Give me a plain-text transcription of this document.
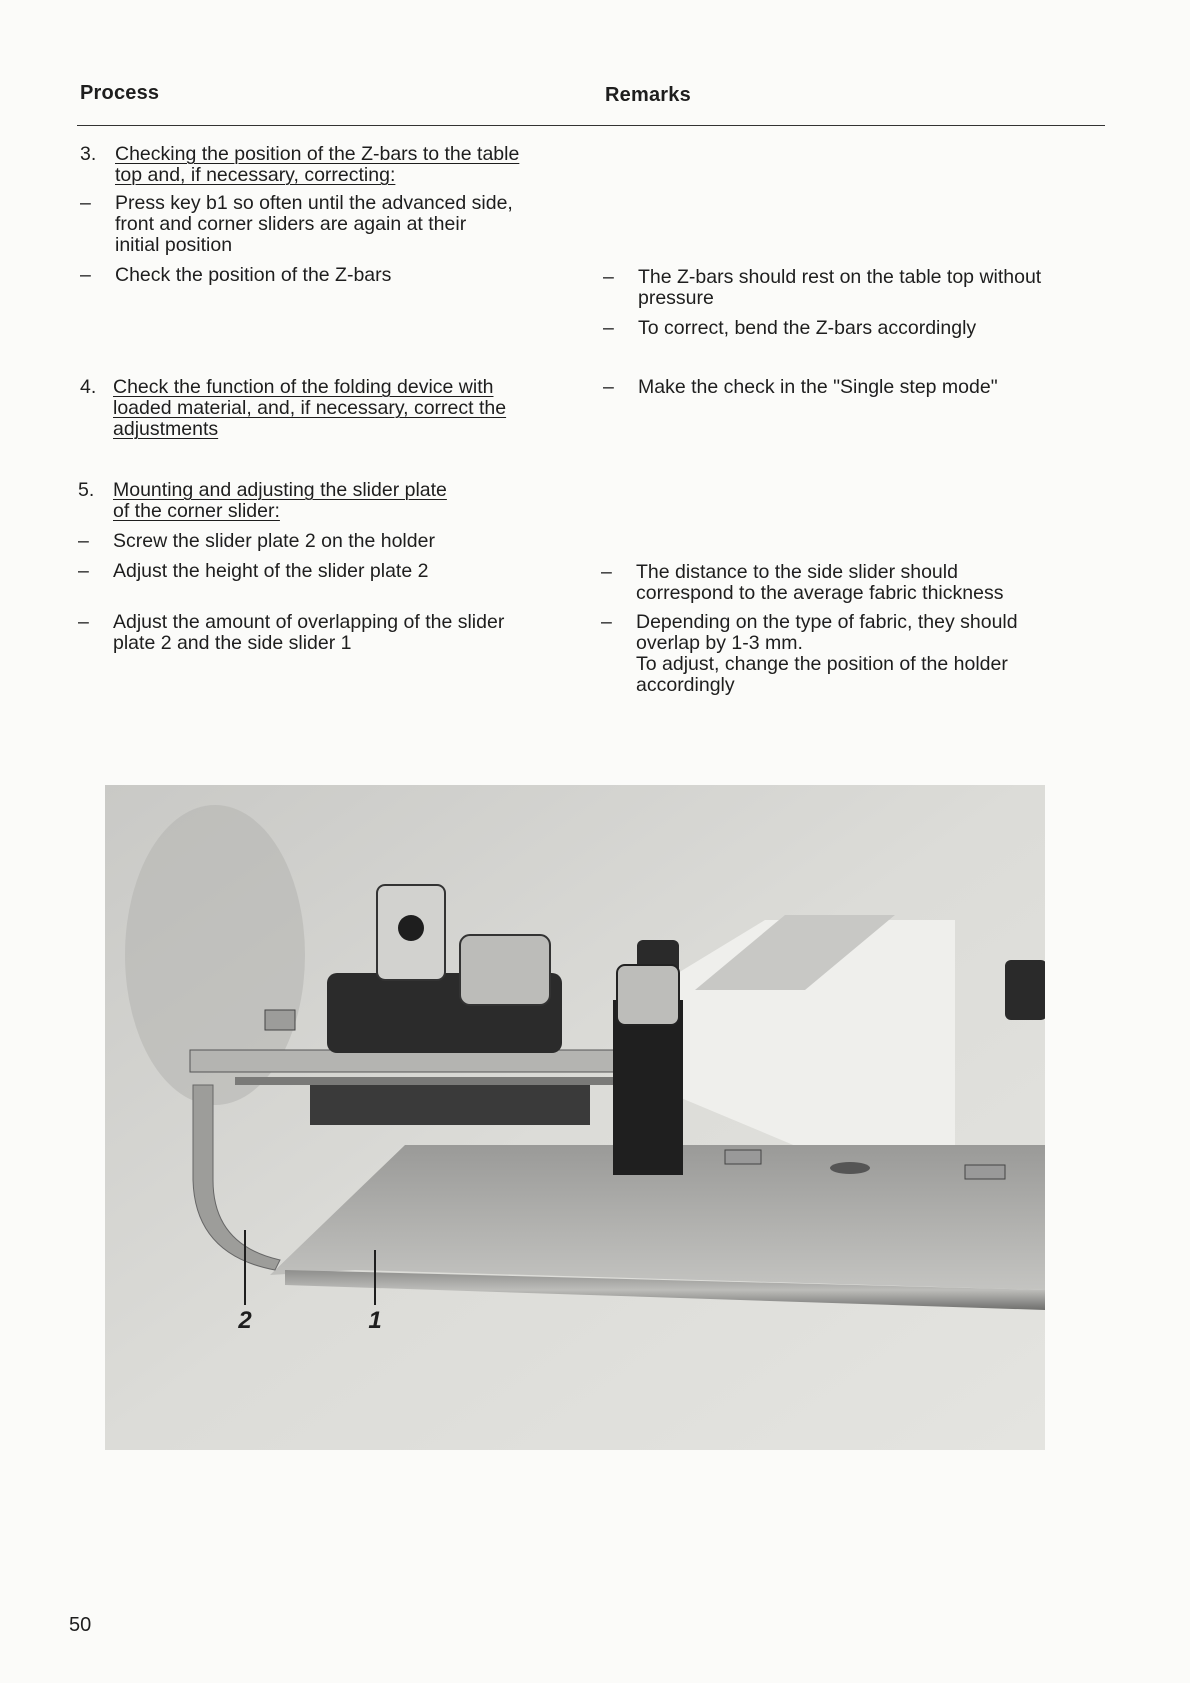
Process	Remarks
3. Checking the position of the Z-bars to the table
top and, if necessary, correcting:
– Press key b1 so often until the advanced side,
front and corner sliders are again at their
initial position
– Check the position of the Z-bars
4. Check the function of the folding device with
loaded material, and, if necessary, correct the
adjustments
5. Mounting and adjusting the slider plate
of the corner slider:
– Screw the slider plate 2 on the holder
– Adjust the height of the slider plate 2
– Adjust the amount of overlapping of the slider
plate 2 and the side slider 1
– The Z-bars should rest on the table top without
pressure
– To correct, bend the Z-bars accordingly
– Make the check in the "Single step mode"
– The distance to the side slider should
correspond to the average fabric thickness
– Depending on the type of fabric, they should
overlap by 1-3 mm.
To adjust, change the position of the holder
accordingly
2	1
50
